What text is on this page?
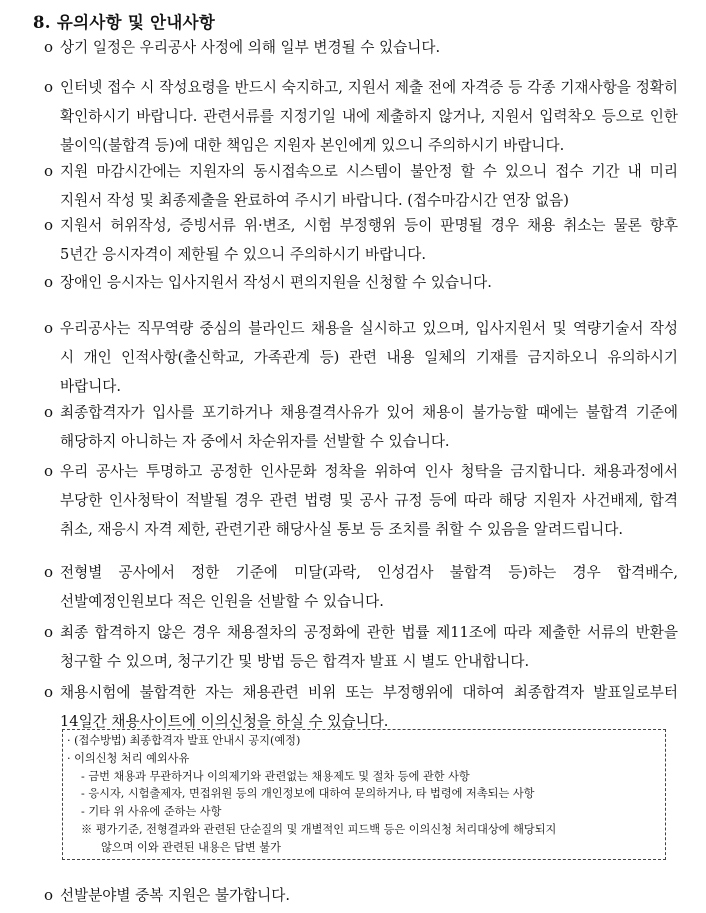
8. 유의사항 및 안내사항
o 상기 일정은 우리공사 사정에 의해 일부 변경될 수 있습니다.
o 인터넷 접수 시 작성요령을 반드시 숙지하고, 지원서 제출 전에 자격증 등 각종 기재사항을 정확히 확인하시기 바랍니다. 관련서류를 지정기일 내에 제출하지 않거나, 지원서 입력착오 등으로 인한 불이익(불합격 등)에 대한 책임은 지원자 본인에게 있으니 주의하시기 바랍니다.
o 지원 마감시간에는 지원자의 동시접속으로 시스템이 불안정 할 수 있으니 접수 기간 내 미리 지원서 작성 및 최종제출을 완료하여 주시기 바랍니다. (접수마감시간 연장 없음)
o 지원서 허위작성, 증빙서류 위·변조, 시험 부정행위 등이 판명될 경우 채용 취소는 물론 향후 5년간 응시자격이 제한될 수 있으니 주의하시기 바랍니다.
o 장애인 응시자는 입사지원서 작성시 편의지원을 신청할 수 있습니다.
o 우리공사는 직무역량 중심의 블라인드 채용을 실시하고 있으며, 입사지원서 및 역량기술서 작성 시 개인 인적사항(출신학교, 가족관계 등) 관련 내용 일체의 기재를 금지하오니 유의하시기 바랍니다.
o 최종합격자가 입사를 포기하거나 채용결격사유가 있어 채용이 불가능할 때에는 불합격 기준에 해당하지 아니하는 자 중에서 차순위자를 선발할 수 있습니다.
o 우리 공사는 투명하고 공정한 인사문화 정착을 위하여 인사 청탁을 금지합니다. 채용과정에서 부당한 인사청탁이 적발될 경우 관련 법령 및 공사 규정 등에 따라 해당 지원자 사건배제, 합격 취소, 재응시 자격 제한, 관련기관 해당사실 통보 등 조치를 취할 수 있음을 알려드립니다.
o 전형별 공사에서 정한 기준에 미달(과락, 인성검사 불합격 등)하는 경우 합격배수, 선발예정인원보다 적은 인원을 선발할 수 있습니다.
o 최종 합격하지 않은 경우 채용절차의 공정화에 관한 법률 제11조에 따라 제출한 서류의 반환을 청구할 수 있으며, 청구기간 및 방법 등은 합격자 발표 시 별도 안내합니다.
o 채용시험에 불합격한 자는 채용관련 비위 또는 부정행위에 대하여 최종합격자 발표일로부터 14일간 채용사이트에 이의신청을 하실 수 있습니다.
· (접수방법) 최종합격자 발표 안내시 공지(예정)
· 이의신청 처리 예외사유
- 금번 채용과 무관하거나 이의제기와 관련없는 채용제도 및 절차 등에 관한 사항
- 응시자, 시험출제자, 면접위원 등의 개인정보에 대하여 문의하거나, 타 법령에 저촉되는 사항
- 기타 위 사유에 준하는 사항
※ 평가기준, 전형결과와 관련된 단순질의 및 개별적인 피드백 등은 이의신청 처리대상에 해당되지
않으며 이와 관련된 내용은 답변 불가
o 선발분야별 중복 지원은 불가합니다.
